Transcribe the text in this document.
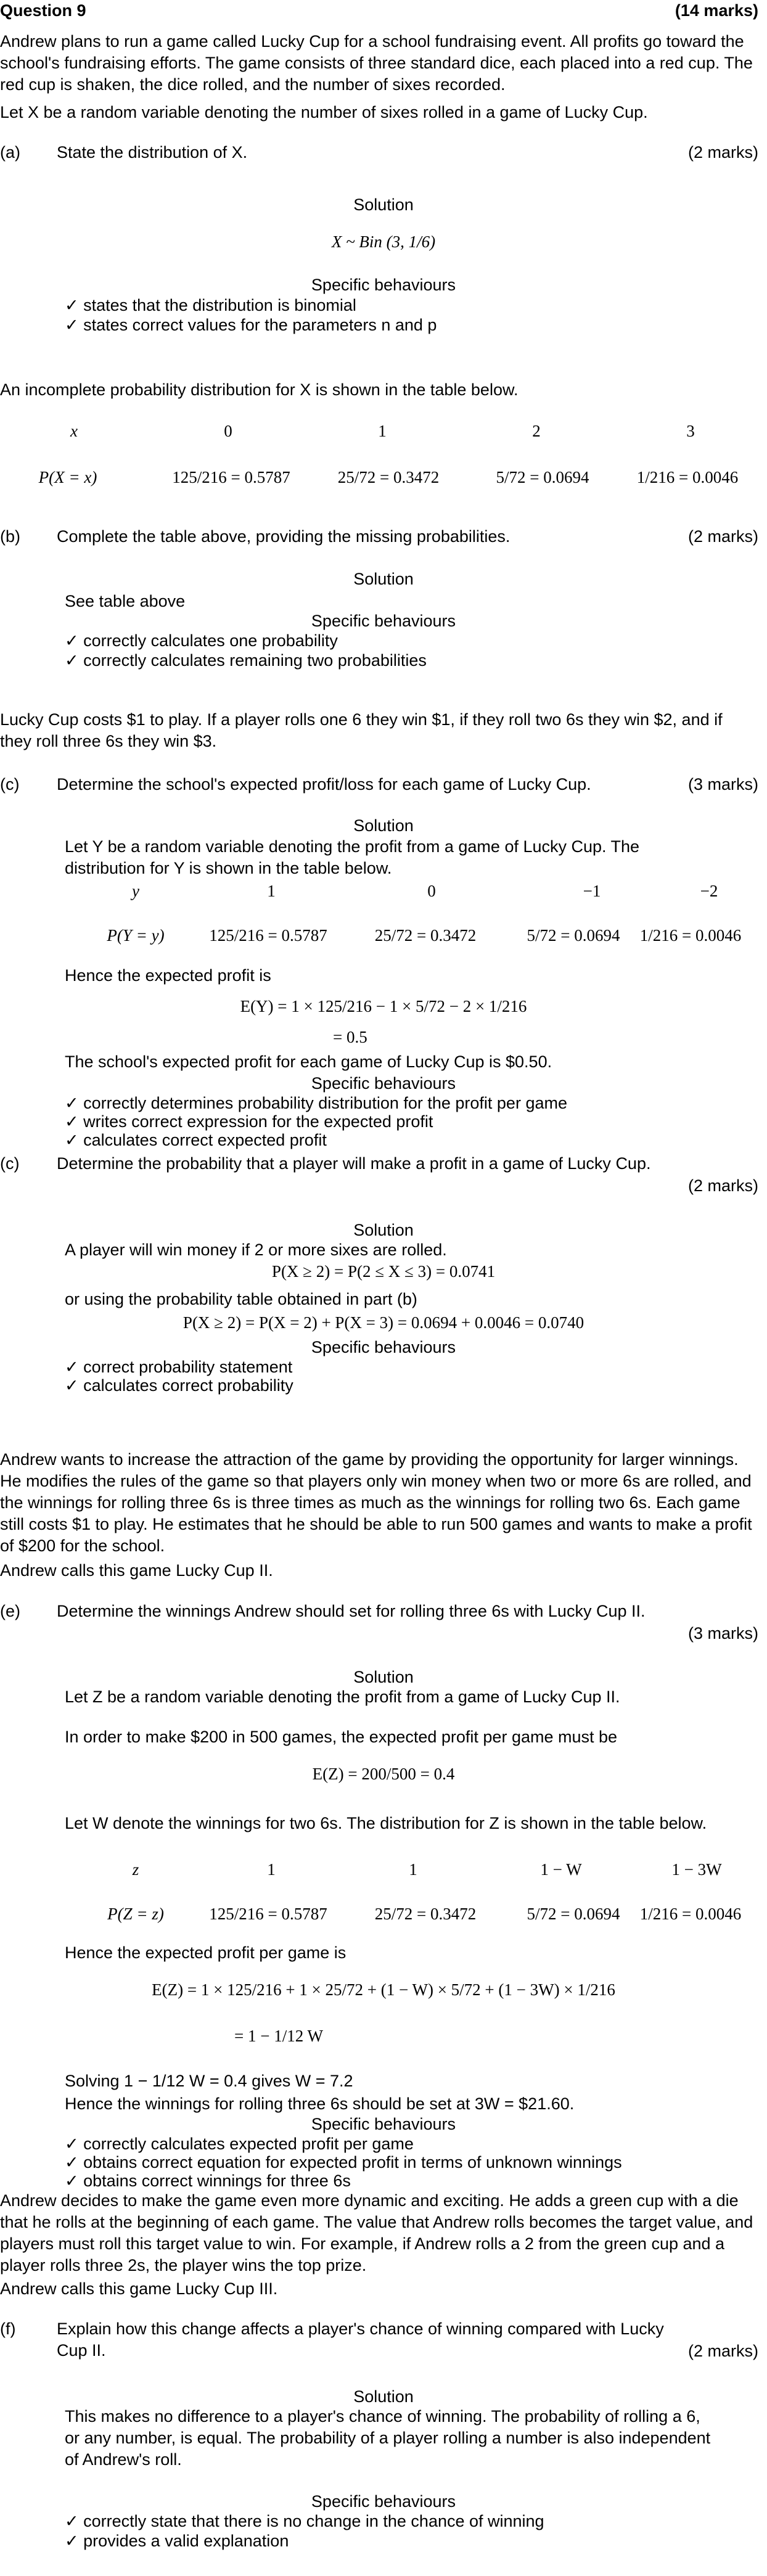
Question 9	(14 marks)
Andrew plans to run a game called Lucky Cup for a school fundraising event. All profits go toward the school's fundraising efforts. The game consists of three standard dice, each placed into a red cup. The red cup is shaken, the dice rolled, and the number of sixes recorded.
Let X be a random variable denoting the number of sixes rolled in a game of Lucky Cup.
(a) State the distribution of X.	(2 marks)
Solution
X ~ Bin (3, 1/6)
Specific behaviours
✓ states that the distribution is binomial
✓ states correct values for the parameters n and p
An incomplete probability distribution for X is shown in the table below.
x	0	1	2	3
P(X = x)	125/216 = 0.5787	25/72 = 0.3472	5/72 = 0.0694	1/216 = 0.0046
(b) Complete the table above, providing the missing probabilities.	(2 marks)
Solution
See table above
Specific behaviours
✓ correctly calculates one probability
✓ correctly calculates remaining two probabilities
Lucky Cup costs $1 to play. If a player rolls one 6 they win $1, if they roll two 6s they win $2, and if they roll three 6s they win $3.
(c) Determine the school's expected profit/loss for each game of Lucky Cup.	(3 marks)
Solution
Let Y be a random variable denoting the profit from a game of Lucky Cup. The distribution for Y is shown in the table below.
y	1	0	−1	−2
P(Y = y)	125/216 = 0.5787	25/72 = 0.3472	5/72 = 0.0694	1/216 = 0.0046
Hence the expected profit is
E(Y) = 1 × 125/216 − 1 × 5/72 − 2 × 1/216
= 0.5
The school's expected profit for each game of Lucky Cup is $0.50.
Specific behaviours
✓ correctly determines probability distribution for the profit per game
✓ writes correct expression for the expected profit
✓ calculates correct expected profit
(c) Determine the probability that a player will make a profit in a game of Lucky Cup.
(2 marks)
Solution
A player will win money if 2 or more sixes are rolled.
P(X ≥ 2) = P(2 ≤ X ≤ 3) = 0.0741
or using the probability table obtained in part (b)
P(X ≥ 2) = P(X = 2) + P(X = 3) = 0.0694 + 0.0046 = 0.0740
Specific behaviours
✓ correct probability statement
✓ calculates correct probability
Andrew wants to increase the attraction of the game by providing the opportunity for larger winnings. He modifies the rules of the game so that players only win money when two or more 6s are rolled, and the winnings for rolling three 6s is three times as much as the winnings for rolling two 6s. Each game still costs $1 to play. He estimates that he should be able to run 500 games and wants to make a profit of $200 for the school.
Andrew calls this game Lucky Cup II.
(e) Determine the winnings Andrew should set for rolling three 6s with Lucky Cup II.
(3 marks)
Solution
Let Z be a random variable denoting the profit from a game of Lucky Cup II.
In order to make $200 in 500 games, the expected profit per game must be
E(Z) = 200/500 = 0.4
Let W denote the winnings for two 6s. The distribution for Z is shown in the table below.
z	1	1	1 − W	1 − 3W
P(Z = z)	125/216 = 0.5787	25/72 = 0.3472	5/72 = 0.0694	1/216 = 0.0046
Hence the expected profit per game is
E(Z) = 1 × 125/216 + 1 × 25/72 + (1 − W) × 5/72 + (1 − 3W) × 1/216
= 1 − 1/12 W
Solving 1 − 1/12 W = 0.4 gives W = 7.2
Hence the winnings for rolling three 6s should be set at 3W = $21.60.
Specific behaviours
✓ correctly calculates expected profit per game
✓ obtains correct equation for expected profit in terms of unknown winnings
✓ obtains correct winnings for three 6s
Andrew decides to make the game even more dynamic and exciting. He adds a green cup with a die that he rolls at the beginning of each game. The value that Andrew rolls becomes the target value, and players must roll this target value to win. For example, if Andrew rolls a 2 from the green cup and a player rolls three 2s, the player wins the top prize.
Andrew calls this game Lucky Cup III.
(f) Explain how this change affects a player's chance of winning compared with Lucky Cup II.	(2 marks)
Solution
This makes no difference to a player's chance of winning. The probability of rolling a 6, or any number, is equal. The probability of a player rolling a number is also independent of Andrew's roll.
Specific behaviours
✓ correctly state that there is no change in the chance of winning
✓ provides a valid explanation
